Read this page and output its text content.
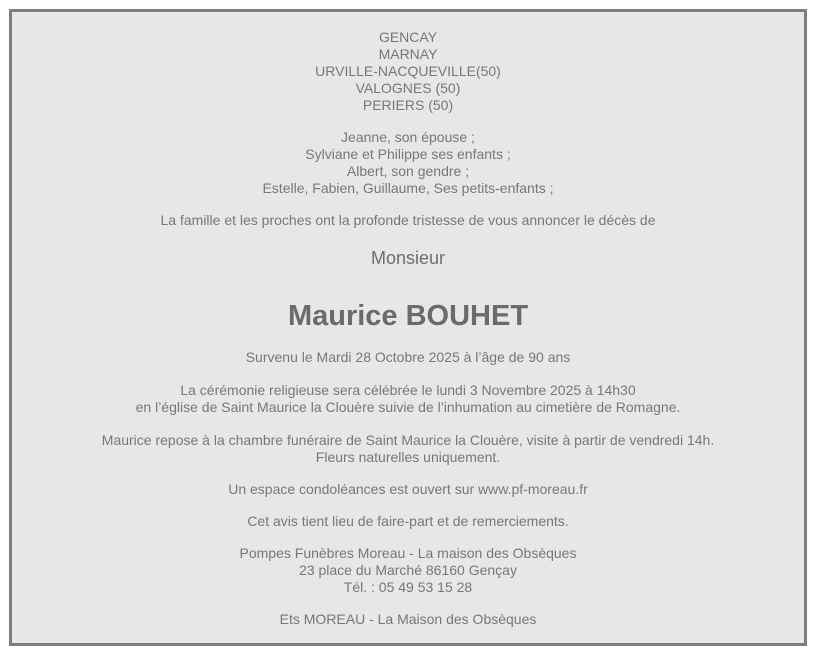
GENCAY
MARNAY
URVILLE-NACQUEVILLE(50)
VALOGNES (50)
PERIERS (50)
Jeanne, son épouse ;
Sylviane et Philippe ses enfants ;
Albert, son gendre ;
Estelle, Fabien, Guillaume, Ses petits-enfants ;
La famille et les proches ont la profonde tristesse de vous annoncer le décès de
Monsieur
Maurice BOUHET
Survenu le Mardi 28 Octobre 2025 à l’âge de 90 ans
La cérémonie religieuse sera célébrée le lundi 3 Novembre 2025 à 14h30
en l’église de Saint Maurice la Clouère suivie de l’inhumation au cimetière de Romagne.
Maurice repose à la chambre funéraire de Saint Maurice la Clouère, visite à partir de vendredi 14h.
Fleurs naturelles uniquement.
Un espace condoléances est ouvert sur www.pf-moreau.fr
Cet avis tient lieu de faire-part et de remerciements.
Pompes Funèbres Moreau - La maison des Obsèques
23 place du Marché 86160 Gençay
Tél. : 05 49 53 15 28
Ets MOREAU - La Maison des Obsèques
